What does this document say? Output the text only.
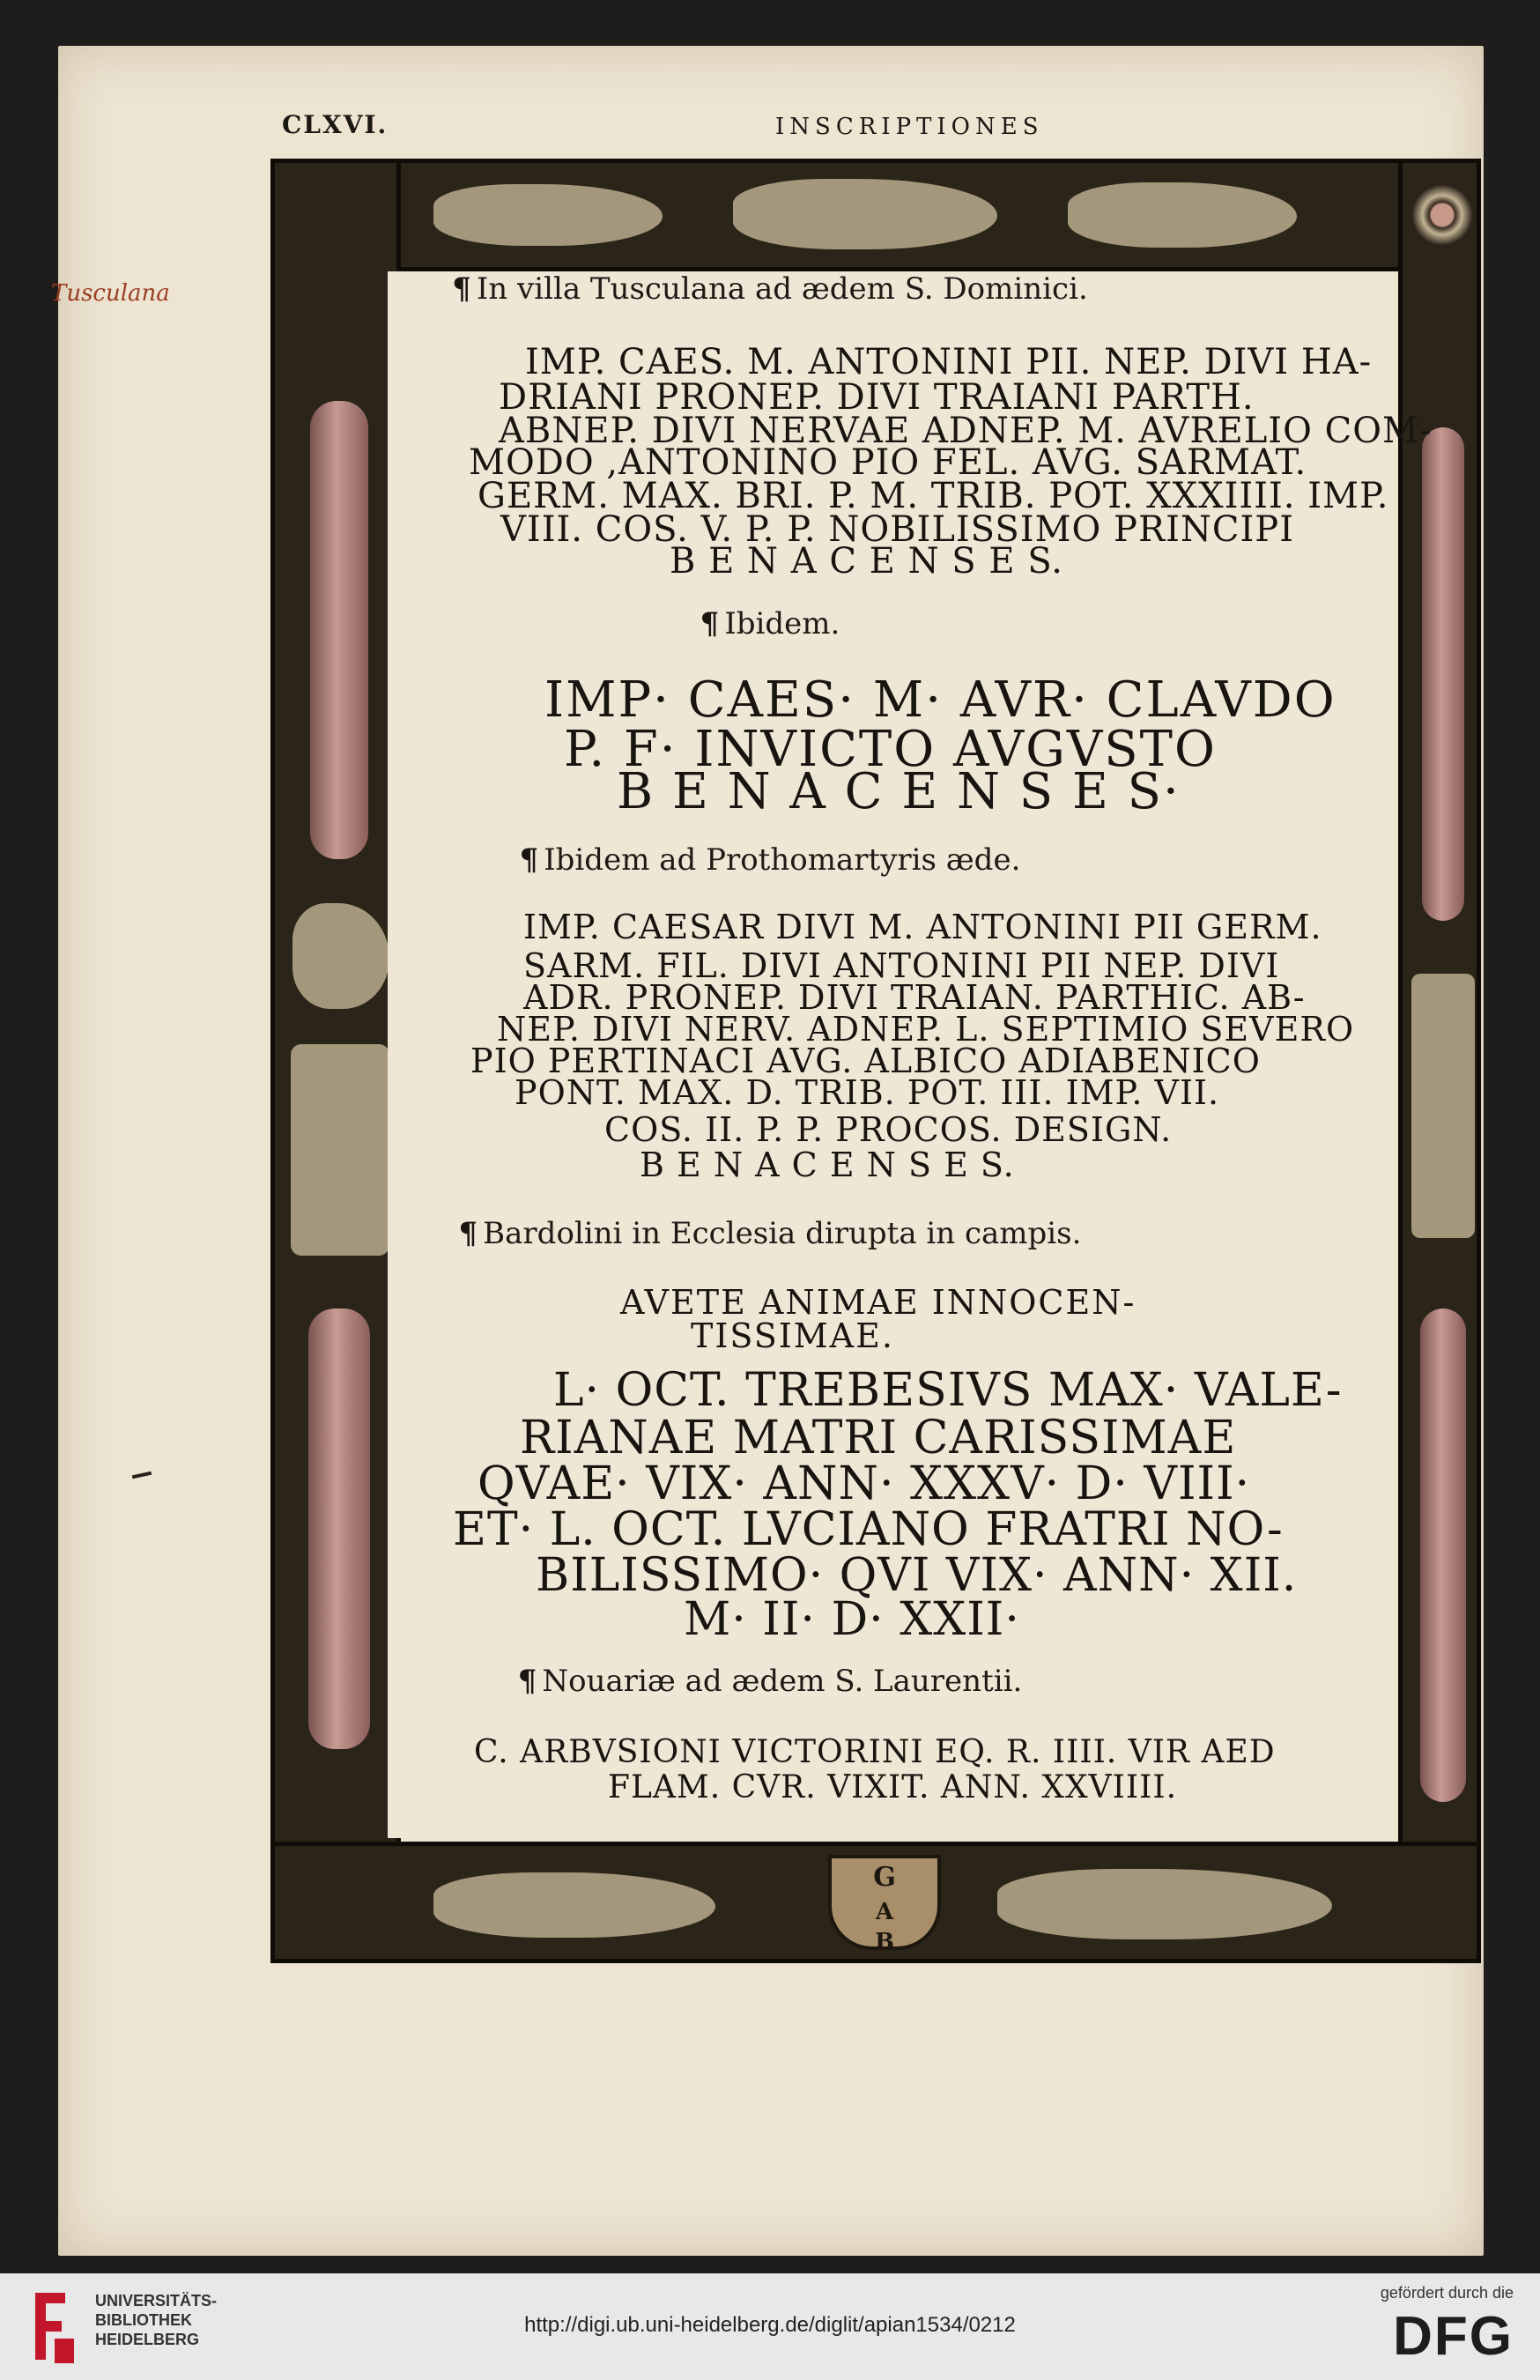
CLXVI.	INSCRIPTIONES
Tusculana
G
A
B
¶ In villa Tusculana ad ædem S. Dominici.
IMP. CAES. M. ANTONINI PII. NEP. DIVI HA-
DRIANI PRONEP. DIVI TRAIANI PARTH.
ABNEP. DIVI NERVAE ADNEP. M. AVRELIO COM-
MODO ,ANTONINO PIO FEL. AVG. SARMAT.
GERM. MAX. BRI. P. M. TRIB. POT. XXXIIII. IMP.
VIII. COS. V. P. P. NOBILISSIMO PRINCIPI
B E N A C E N S E S.
¶ Ibidem.
IMP· CAES· M· AVR· CLAVDO
P. F· INVICTO AVGVSTO
B E N A C E N S E S·
¶ Ibidem ad Prothomartyris æde.
IMP. CAESAR DIVI M. ANTONINI PII GERM.
SARM. FIL. DIVI ANTONINI PII NEP. DIVI
ADR. PRONEP. DIVI TRAIAN. PARTHIC. AB-
NEP. DIVI NERV. ADNEP. L. SEPTIMIO SEVERO
PIO PERTINACI AVG. ALBICO ADIABENICO
PONT. MAX. D. TRIB. POT. III. IMP. VII.
COS. II. P. P. PROCOS. DESIGN.
B E N A C E N S E S.
¶ Bardolini in Ecclesia dirupta in campis.
AVETE ANIMAE INNOCEN-
TISSIMAE.
L· OCT. TREBESIVS MAX· VALE-
RIANAE MATRI CARISSIMAE
QVAE· VIX· ANN· XXXV· D· VIII·
ET· L. OCT. LVCIANO FRATRI NO-
BILISSIMO· QVI VIX· ANN· XII.
M· II· D· XXII·
¶ Nouariæ ad ædem S. Laurentii.
C. ARBVSIONI VICTORINI EQ. R. IIII. VIR AED
FLAM. CVR. VIXIT. ANN. XXVIIII.
UNIVERSITÄTS-
BIBLIOTHEK
HEIDELBERG
http://digi.ub.uni-heidelberg.de/diglit/apian1534/0212
gefördert durch die
DFG
